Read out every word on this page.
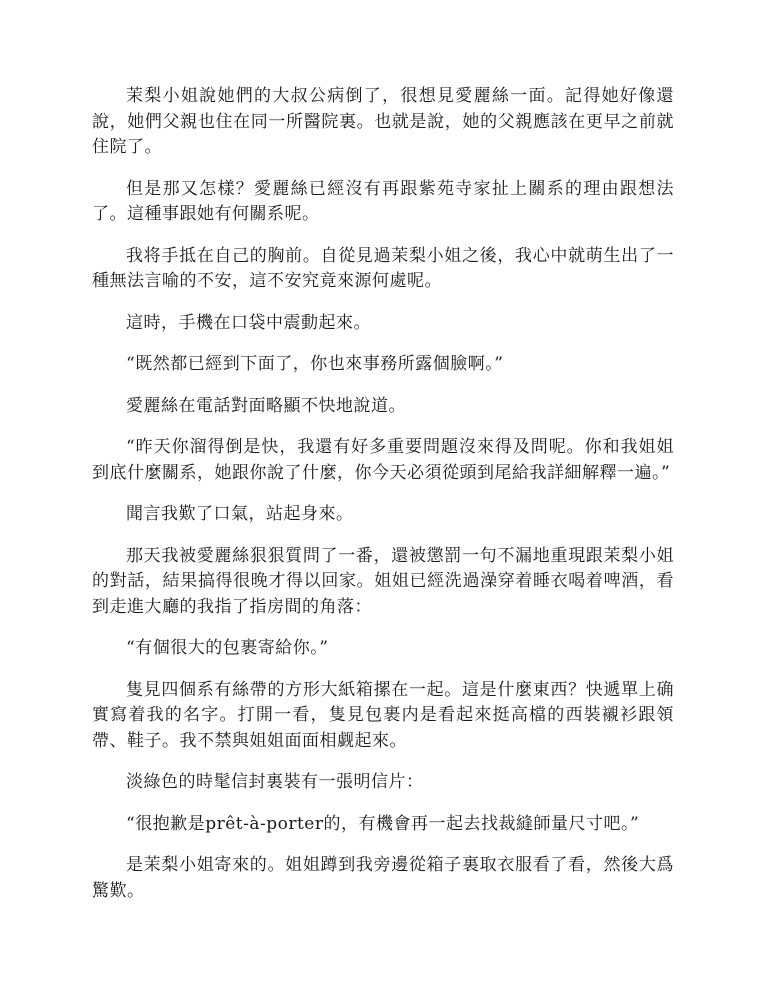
茉梨小姐說她們的大叔公病倒了，很想見愛麗絲一面。記得她好像還說，她們父親也住在同一所醫院裏。也就是說，她的父親應該在更早之前就住院了。

但是那又怎樣？愛麗絲已經沒有再跟紫苑寺家扯上關系的理由跟想法了。這種事跟她有何關系呢。

我将手抵在自己的胸前。自從見過茉梨小姐之後，我心中就萌生出了一種無法言喻的不安，這不安究竟來源何處呢。

這時，手機在口袋中震動起來。

“既然都已經到下面了，你也來事務所露個臉啊。”

愛麗絲在電話對面略顯不快地說道。

“昨天你溜得倒是快，我還有好多重要問題沒來得及問呢。你和我姐姐到底什麼關系，她跟你說了什麼，你今天必須從頭到尾給我詳細解釋一遍。”

聞言我歎了口氣，站起身來。

那天我被愛麗絲狠狠質問了一番，還被懲罰一句不漏地重現跟茉梨小姐的對話，結果搞得很晚才得以回家。姐姐已經洗過澡穿着睡衣喝着啤酒，看到走進大廳的我指了指房間的角落：

“有個很大的包裹寄給你。”

隻見四個系有絲帶的方形大紙箱摞在一起。這是什麼東西？快遞單上确實寫着我的名字。打開一看，隻見包裹内是看起來挺高檔的西裝襯衫跟領帶、鞋子。我不禁與姐姐面面相觑起來。

淡綠色的時髦信封裏裝有一張明信片：

“很抱歉是prêt-à-porter的，有機會再一起去找裁縫師量尺寸吧。”

是茉梨小姐寄來的。姐姐蹲到我旁邊從箱子裏取衣服看了看，然後大爲驚歎。
